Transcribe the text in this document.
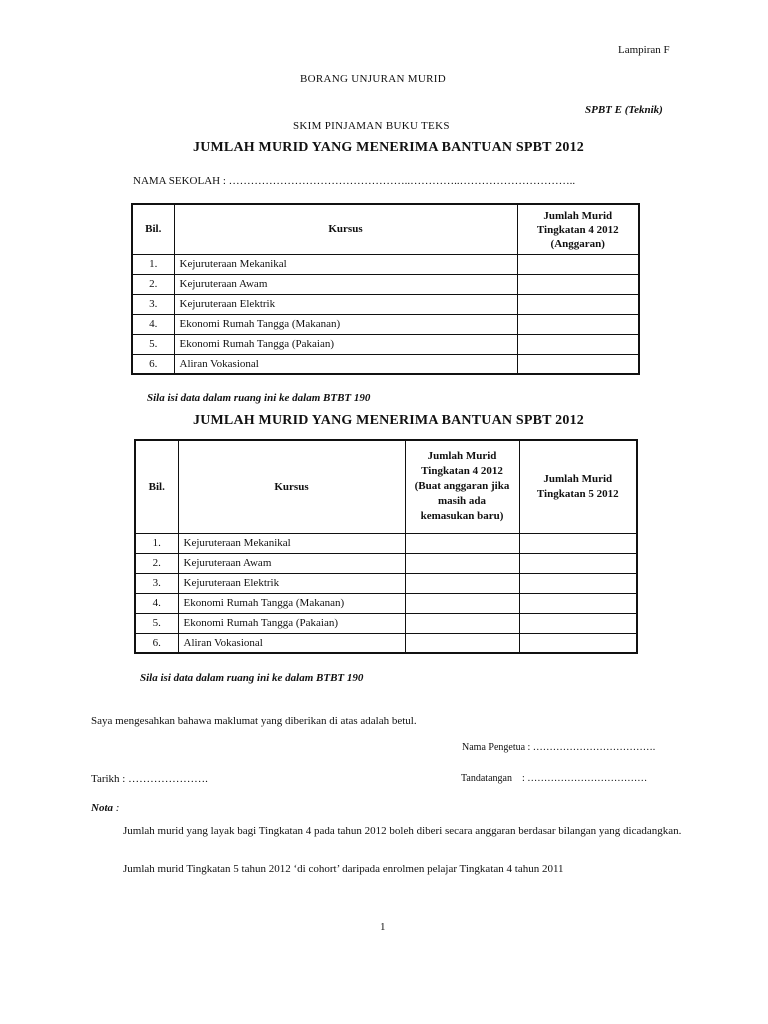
Lampiran F
BORANG UNJURAN MURID
SPBT E (Teknik)
SKIM PINJAMAN BUKU TEKS
JUMLAH MURID YANG MENERIMA BANTUAN SPBT 2012
NAMA SEKOLAH : …………………………………………..…………..…………………………..
Bil.	Kursus	Jumlah Murid Tingkatan 4 2012 (Anggaran)
1.	Kejuruteraan Mekanikal	
2.	Kejuruteraan Awam	
3.	Kejuruteraan Elektrik	
4.	Ekonomi Rumah Tangga (Makanan)	
5.	Ekonomi Rumah Tangga (Pakaian)	
6.	Aliran Vokasional	
Sila isi data dalam ruang ini ke dalam BTBT 190
JUMLAH MURID YANG MENERIMA BANTUAN SPBT 2012
Bil.	Kursus	Jumlah Murid Tingkatan 4 2012 (Buat anggaran jika masih ada kemasukan baru)	Jumlah Murid Tingkatan 5 2012
1.	Kejuruteraan Mekanikal		
2.	Kejuruteraan Awam		
3.	Kejuruteraan Elektrik		
4.	Ekonomi Rumah Tangga (Makanan)		
5.	Ekonomi Rumah Tangga (Pakaian)		
6.	Aliran Vokasional		
Sila isi data dalam ruang ini ke dalam BTBT 190
Saya mengesahkan bahawa maklumat yang diberikan di atas adalah betul.
Nama Pengetua : ……………………………….
Tarikh : ………………….	Tandatangan    : ………………………………
Nota :
Jumlah murid yang layak bagi Tingkatan 4 pada tahun 2012 boleh diberi secara anggaran berdasar bilangan yang dicadangkan.
Jumlah murid Tingkatan 5 tahun 2012 ‘di cohort’ daripada enrolmen pelajar Tingkatan 4 tahun 2011
1
